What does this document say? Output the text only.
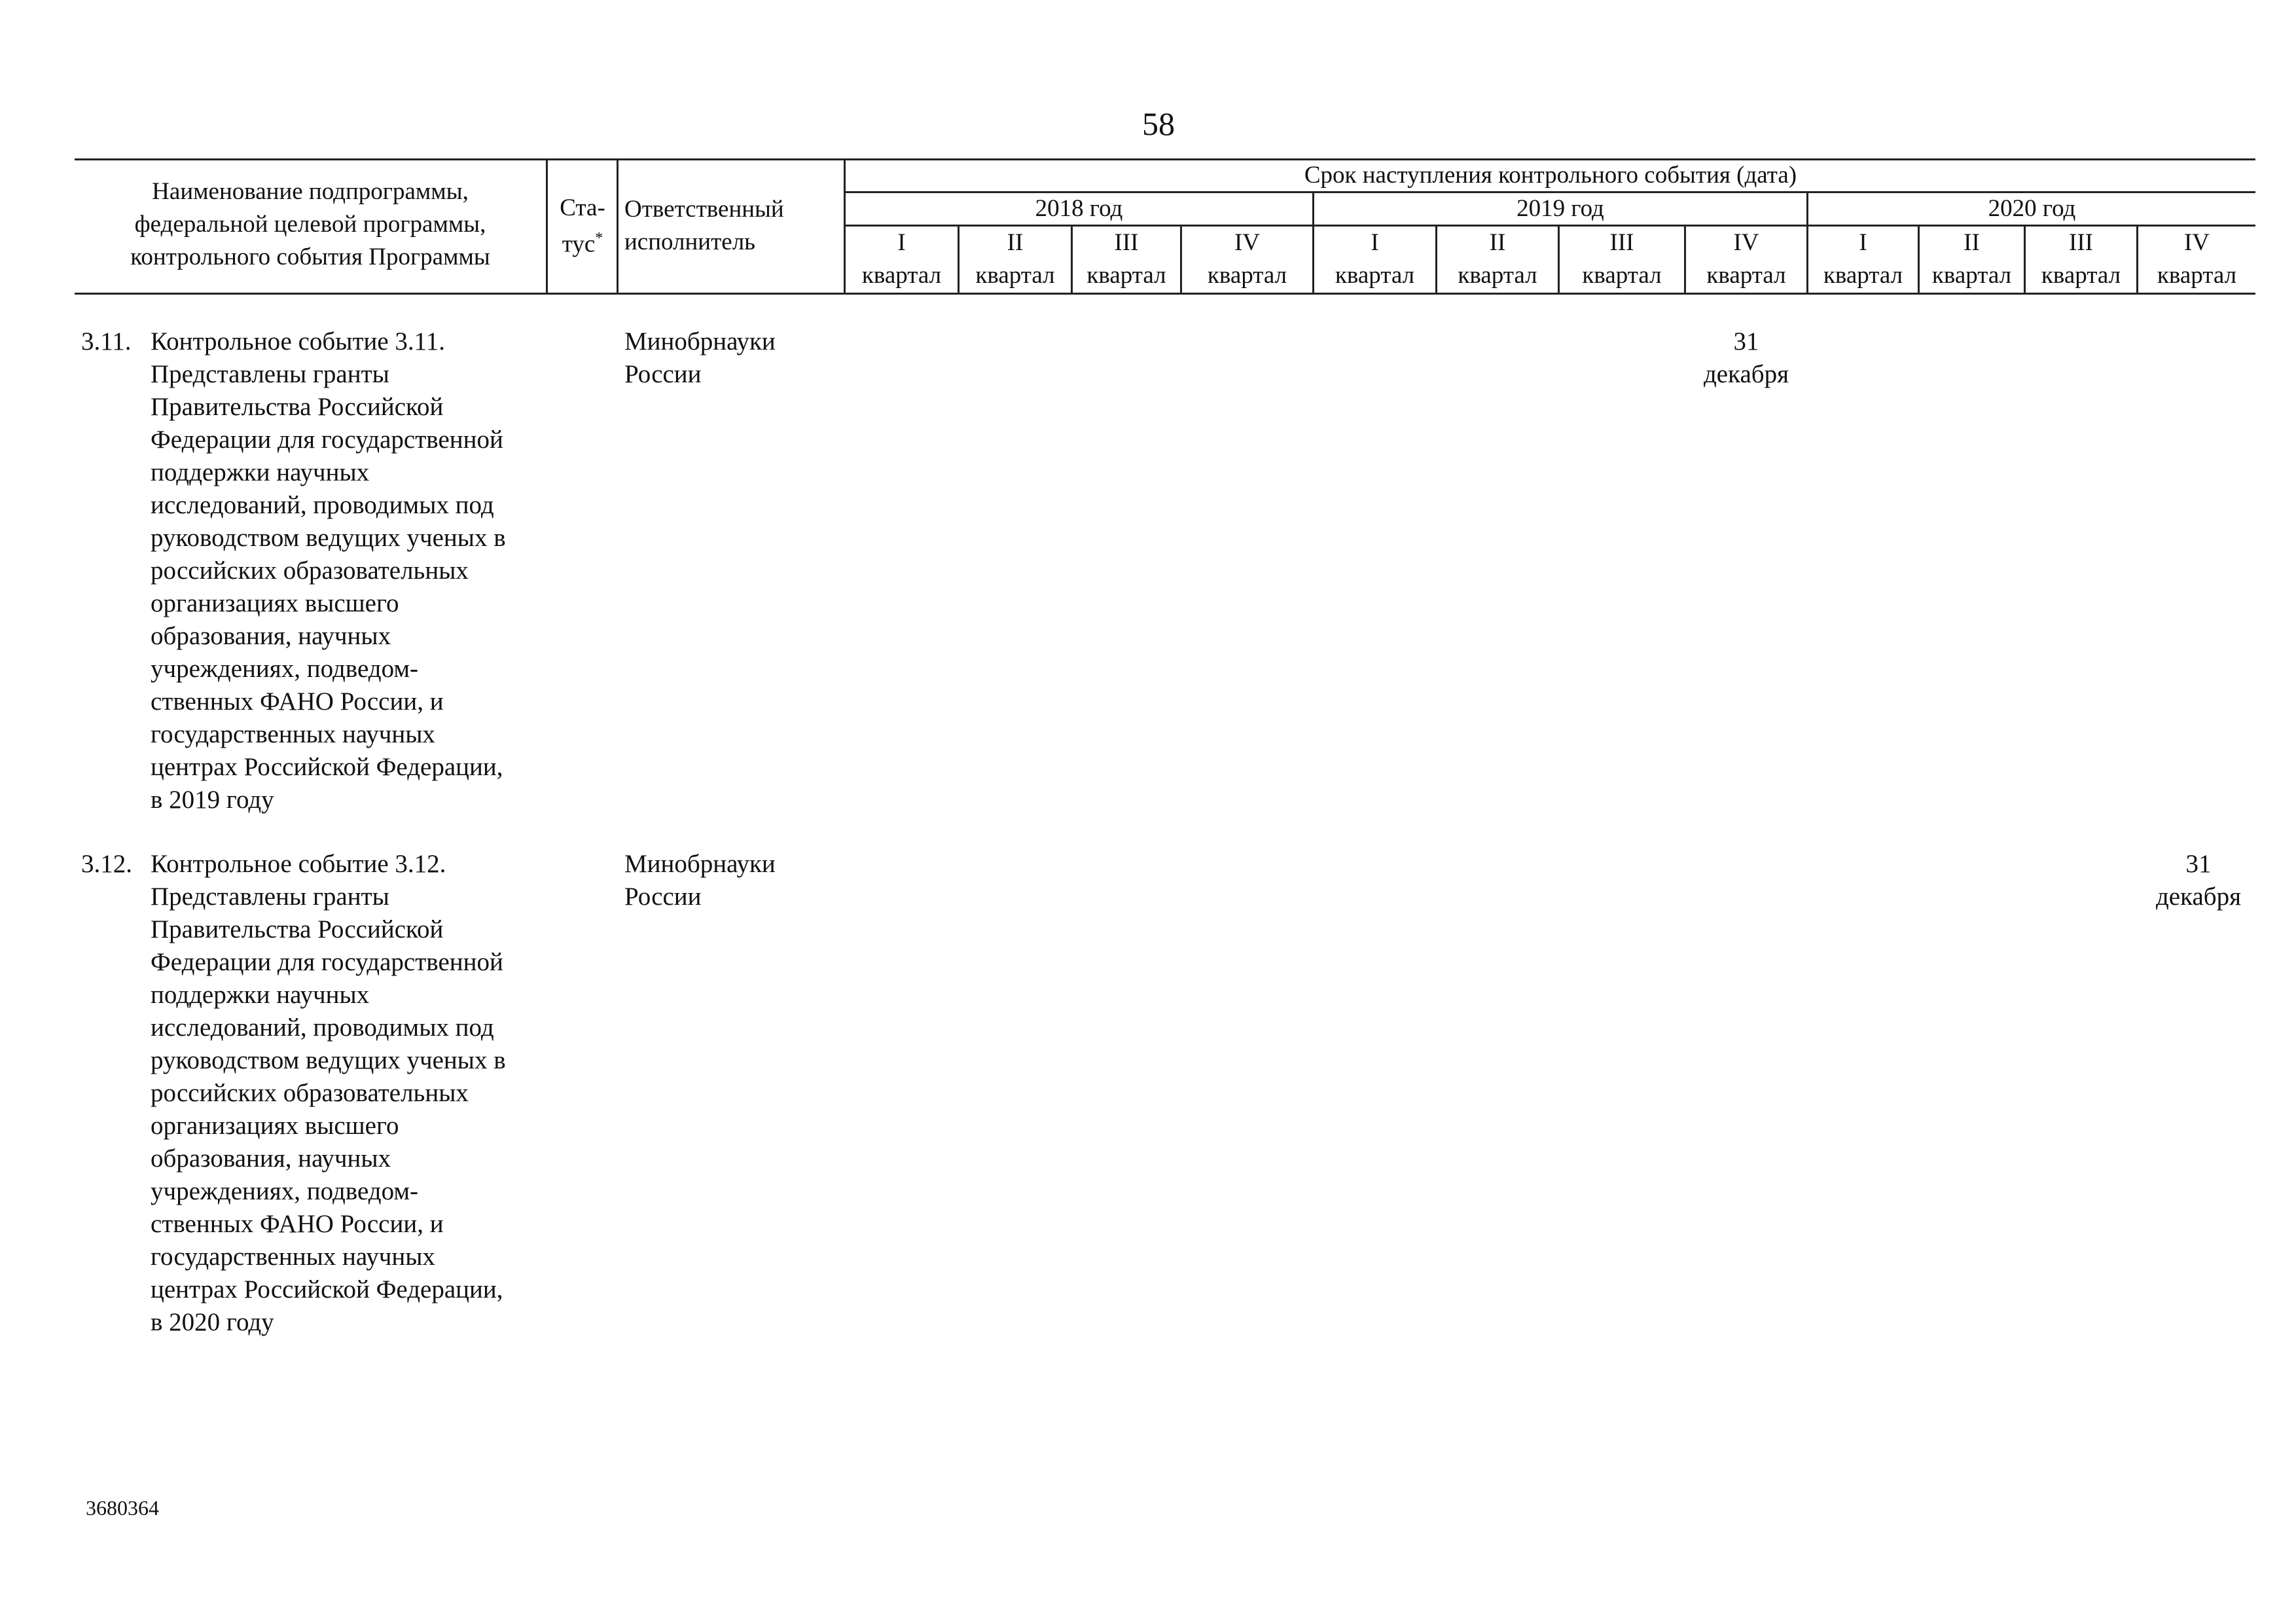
58
Наименование подпрограммы,
федеральной целевой программы,
контрольного события Программы
Ста-
тус*
Ответственный
исполнитель
Срок наступления контрольного события (дата)
2018 год	2019 год	2020 год
I
квартал
II
квартал
III
квартал
IV
квартал
I
квартал
II
квартал
III
квартал
IV
квартал
I
квартал
II
квартал
III
квартал
IV
квартал
3.11. Контрольное событие 3.11.
Представлены гранты
Правительства Российской
Федерации для государственной
поддержки научных
исследований, проводимых под
руководством ведущих ученых в
российских образовательных
организациях высшего
образования, научных
учреждениях, подведом-
ственных ФАНО России, и
государственных научных
центрах Российской Федерации,
в 2019 году
Минобрнауки
России
31
декабря
3.12. Контрольное событие 3.12.
Представлены гранты
Правительства Российской
Федерации для государственной
поддержки научных
исследований, проводимых под
руководством ведущих ученых в
российских образовательных
организациях высшего
образования, научных
учреждениях, подведом-
ственных ФАНО России, и
государственных научных
центрах Российской Федерации,
в 2020 году
Минобрнауки
России
31
декабря
3680364
